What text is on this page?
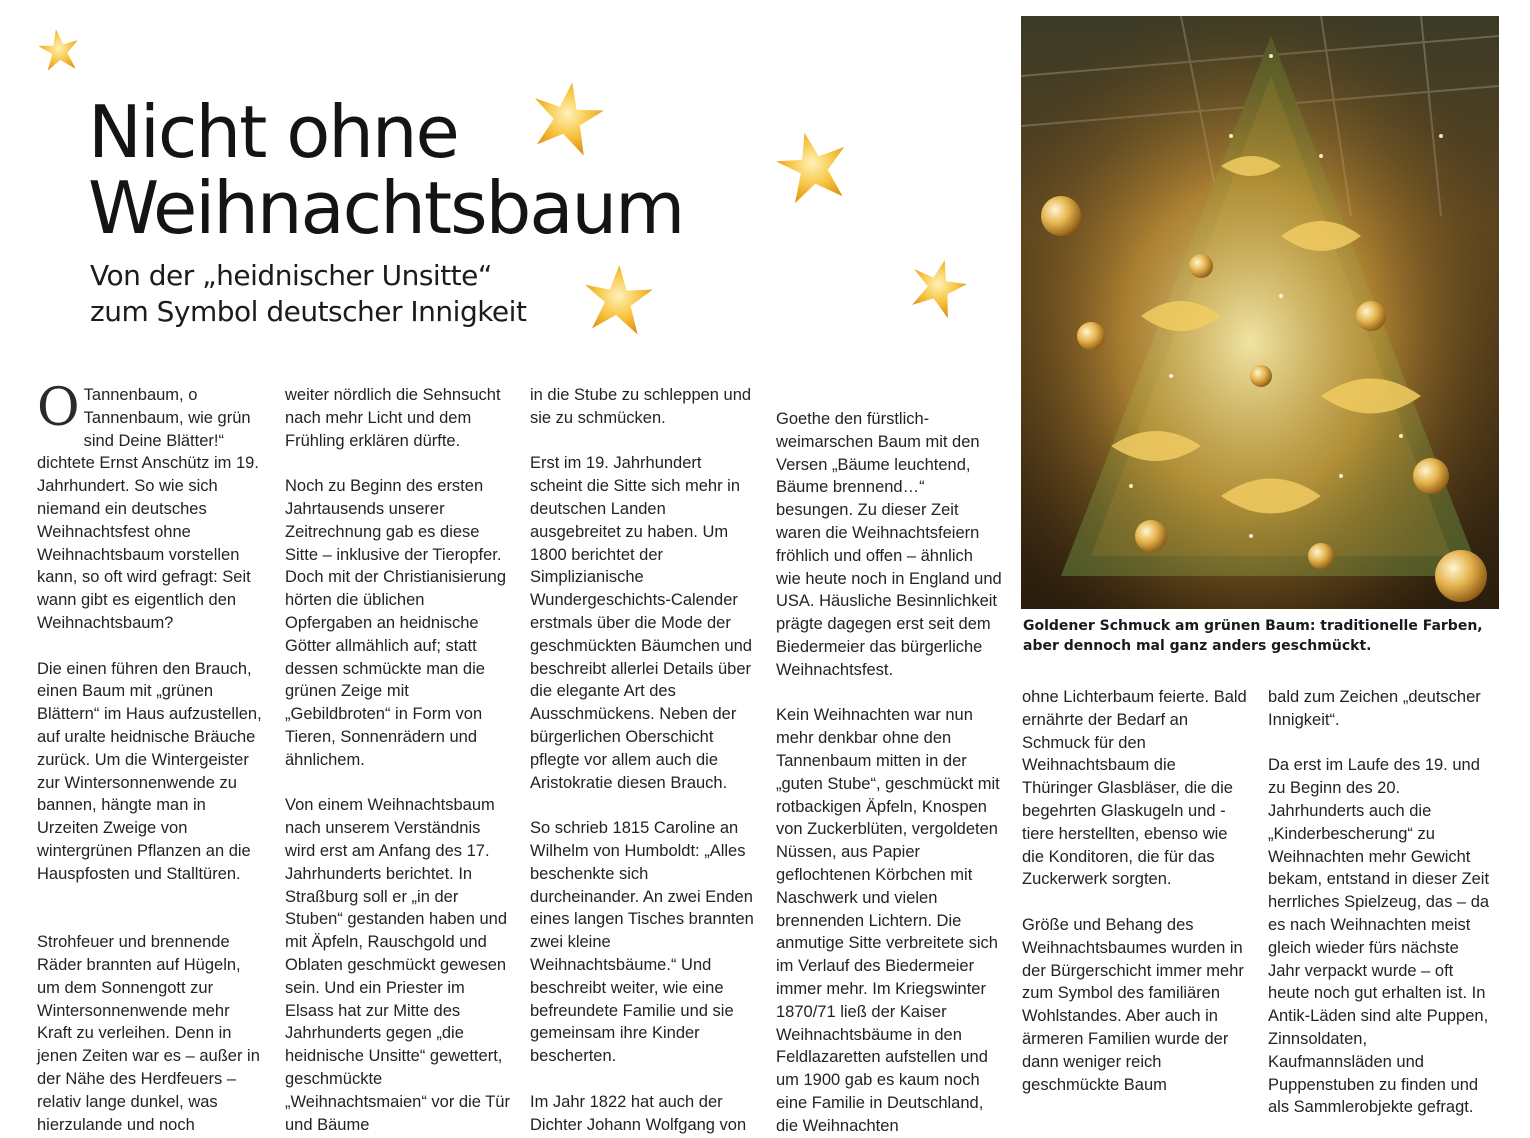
Nicht ohne
Weihnachtsbaum
Von der „heidnischer Unsitte“
zum Symbol deutscher Innigkeit

O Tannenbaum, o Tannenbaum, wie grün sind Deine Blätter!“ dichtete Ernst Anschütz im 19. Jahrhundert. So wie sich niemand ein deutsches Weihnachtsfest ohne Weihnachtsbaum vorstellen kann, so oft wird gefragt: Seit wann gibt es eigentlich den Weihnachtsbaum?

Die einen führen den Brauch, einen Baum mit „grünen Blättern“ im Haus aufzustellen, auf uralte heidnische Bräuche zurück. Um die Wintergeister zur Wintersonnenwende zu bannen, hängte man in Urzeiten Zweige von wintergrünen Pflanzen an die Hauspfosten und Stalltüren.

Strohfeuer und brennende Räder brannten auf Hügeln, um dem Sonnengott zur Wintersonnenwende mehr Kraft zu verleihen. Denn in jenen Zeiten war es – außer in der Nähe des Herdfeuers – relativ lange dunkel, was hierzulande und noch

weiter nördlich die Sehnsucht nach mehr Licht und dem Frühling erklären dürfte.

Noch zu Beginn des ersten Jahrtausends unserer Zeitrechnung gab es diese Sitte – inklusive der Tieropfer. Doch mit der Christianisierung hörten die üblichen Opfergaben an heidnische Götter allmählich auf; statt dessen schmückte man die grünen Zeige mit „Gebildbroten“ in Form von Tieren, Sonnenrädern und ähnlichem.

Von einem Weihnachtsbaum nach unserem Verständnis wird erst am Anfang des 17. Jahrhunderts berichtet. In Straßburg soll er „in der Stuben“ gestanden haben und mit Äpfeln, Rauschgold und Oblaten geschmückt gewesen sein. Und ein Priester im Elsass hat zur Mitte des Jahrhunderts gegen „die heidnische Unsitte“ gewettert, geschmückte „Weihnachtsmaien“ vor die Tür und Bäume

in die Stube zu schleppen und sie zu schmücken.

Erst im 19. Jahrhundert scheint die Sitte sich mehr in deutschen Landen ausgebreitet zu haben. Um 1800 berichtet der Simplizianische Wundergeschichts-Calender erstmals über die Mode der geschmückten Bäumchen und beschreibt allerlei Details über die elegante Art des Ausschmückens. Neben der bürgerlichen Oberschicht pflegte vor allem auch die Aristokratie diesen Brauch.

So schrieb 1815 Caroline an Wilhelm von Humboldt: „Alles beschenkte sich durcheinander. An zwei Enden eines langen Tisches brannten zwei kleine Weihnachtsbäume.“ Und beschreibt weiter, wie eine befreundete Familie und sie gemeinsam ihre Kinder bescherten.

Im Jahr 1822 hat auch der Dichter Johann Wolfgang von

Goethe den fürstlich-weimarschen Baum mit den Versen „Bäume leuchtend, Bäume brennend…“ besungen. Zu dieser Zeit waren die Weihnachtsfeiern fröhlich und offen – ähnlich wie heute noch in England und USA. Häusliche Besinnlichkeit prägte dagegen erst seit dem Biedermeier das bürgerliche Weihnachtsfest.

Kein Weihnachten war nun mehr denkbar ohne den Tannenbaum mitten in der „guten Stube“, geschmückt mit rotbackigen Äpfeln, Knospen von Zuckerblüten, vergoldeten Nüssen, aus Papier geflochtenen Körbchen mit Naschwerk und vielen brennenden Lichtern. Die anmutige Sitte verbreitete sich im Verlauf des Biedermeier immer mehr. Im Kriegswinter 1870/71 ließ der Kaiser Weihnachtsbäume in den Feldlazaretten aufstellen und um 1900 gab es kaum noch eine Familie in Deutschland, die Weihnachten

ohne Lichterbaum feierte. Bald ernährte der Bedarf an Schmuck für den Weihnachtsbaum die Thüringer Glasbläser, die die begehrten Glaskugeln und -tiere herstellten, ebenso wie die Konditoren, die für das Zuckerwerk sorgten.

Größe und Behang des Weihnachtsbaumes wurden in der Bürgerschicht immer mehr zum Symbol des familiären Wohlstandes. Aber auch in ärmeren Familien wurde der dann weniger reich geschmückte Baum

bald zum Zeichen „deutscher Innigkeit“.

Da erst im Laufe des 19. und zu Beginn des 20. Jahrhunderts auch die „Kinderbescherung“ zu Weihnachten mehr Gewicht bekam, entstand in dieser Zeit herrliches Spielzeug, das – da es nach Weihnachten meist gleich wieder fürs nächste Jahr verpackt wurde – oft heute noch gut erhalten ist. In Antik-Läden sind alte Puppen, Zinnsoldaten, Kaufmannsläden und Puppenstuben zu finden und als Sammlerobjekte gefragt.

Goldener Schmuck am grünen Baum: traditionelle Farben, aber dennoch mal ganz anders geschmückt.
